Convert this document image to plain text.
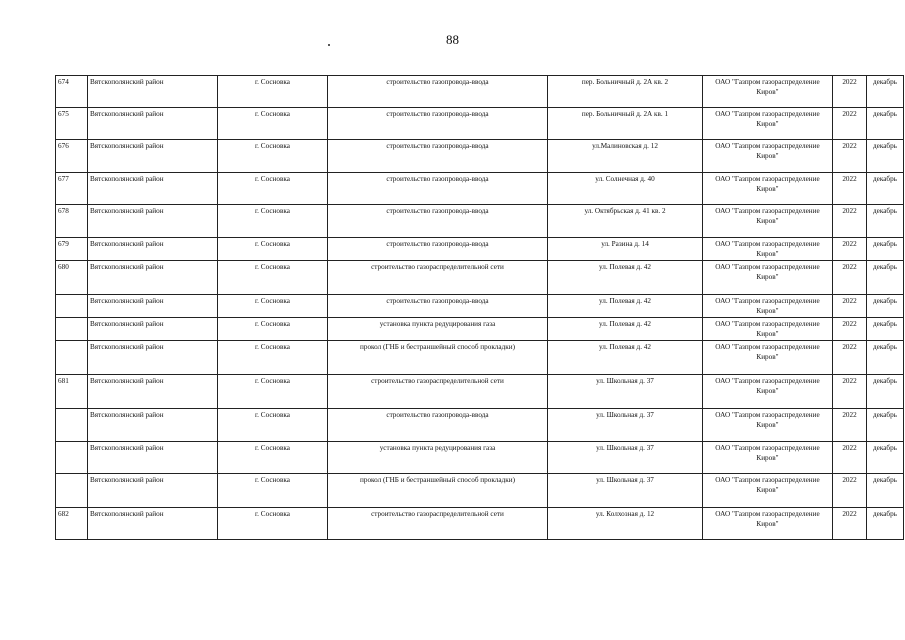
88
674	Вятскополянский район	г. Сосновка	строительство газопровода-ввода	пер. Больничный д. 2А кв. 2	ОАО "Газпром газораспределение Киров"	2022	декабрь
675	Вятскополянский район	г. Сосновка	строительство газопровода-ввода	пер. Больничный д. 2А кв. 1	ОАО "Газпром газораспределение Киров"	2022	декабрь
676	Вятскополянский район	г. Сосновка	строительство газопровода-ввода	ул.Малиновская д. 12	ОАО "Газпром газораспределение Киров"	2022	декабрь
677	Вятскополянский район	г. Сосновка	строительство газопровода-ввода	ул. Солнечная д. 40	ОАО "Газпром газораспределение Киров"	2022	декабрь
678	Вятскополянский район	г. Сосновка	строительство газопровода-ввода	ул. Октябрьская д. 41 кв. 2	ОАО "Газпром газораспределение Киров"	2022	декабрь
679	Вятскополянский район	г. Сосновка	строительство газопровода-ввода	ул. Разина д. 14	ОАО "Газпром газораспределение Киров"	2022	декабрь
680	Вятскополянский район	г. Сосновка	строительство газораспределительной сети	ул. Полевая д. 42	ОАО "Газпром газораспределение Киров"	2022	декабрь
	Вятскополянский район	г. Сосновка	строительство газопровода-ввода	ул. Полевая д. 42	ОАО "Газпром газораспределение Киров"	2022	декабрь
	Вятскополянский район	г. Сосновка	установка пункта редуцирования газа	ул. Полевая д. 42	ОАО "Газпром газораспределение Киров"	2022	декабрь
	Вятскополянский район	г. Сосновка	прокол (ГНБ и бестраншейный способ прокладки)	ул. Полевая д. 42	ОАО "Газпром газораспределение Киров"	2022	декабрь
681	Вятскополянский район	г. Сосновка	строительство газораспределительной сети	ул. Школьная д. 37	ОАО "Газпром газораспределение Киров"	2022	декабрь
	Вятскополянский район	г. Сосновка	строительство газопровода-ввода	ул. Школьная д. 37	ОАО "Газпром газораспределение Киров"	2022	декабрь
	Вятскополянский район	г. Сосновка	установка пункта редуцирования газа	ул. Школьная д. 37	ОАО "Газпром газораспределение Киров"	2022	декабрь
	Вятскополянский район	г. Сосновка	прокол (ГНБ и бестраншейный способ прокладки)	ул. Школьная д. 37	ОАО "Газпром газораспределение Киров"	2022	декабрь
682	Вятскополянский район	г. Сосновка	строительство газораспределительной сети	ул. Колхозная д. 12	ОАО "Газпром газораспределение Киров"	2022	декабрь
